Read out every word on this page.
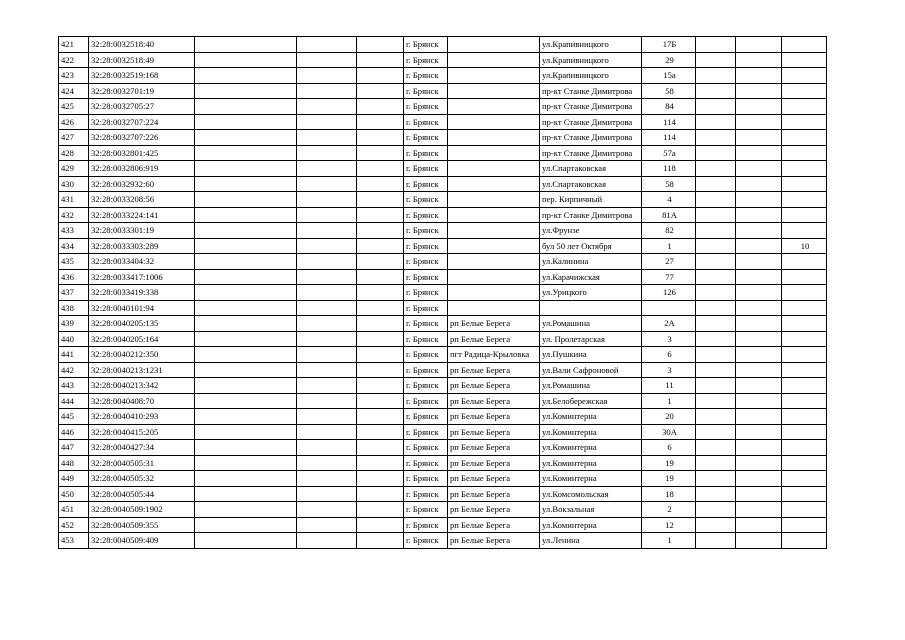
421	32:28:0032518:40				г. Брянск		ул.Крапивницкого	17Б			
422	32:28:0032518:49				г. Брянск		ул.Крапивницкого	29			
423	32:28:0032519:168				г. Брянск		ул.Крапивницкого	15а			
424	32:28:0032701:19				г. Брянск		пр-кт Станке Димитрова	58			
425	32:28:0032705:27				г. Брянск		пр-кт Станке Димитрова	84			
426	32:28:0032707:224				г. Брянск		пр-кт Станке Димитрова	114			
427	32:28:0032707:226				г. Брянск		пр-кт Станке Димитрова	114			
428	32:28:0032801:425				г. Брянск		пр-кт Станке Димитрова	57а			
429	32:28:0032806:919				г. Брянск		ул.Спартаковская	118			
430	32:28:0032932:60				г. Брянск		ул.Спартаковская	58			
431	32:28:0033208:56				г. Брянск		пер. Кирпичный	4			
432	32:28:0033224:141				г. Брянск		пр-кт Станке Димитрова	81А			
433	32:28:0033301:19				г. Брянск		ул.Фрунзе	82			
434	32:28:0033303:289				г. Брянск		бул 50 лет Октября	1			10
435	32:28:0033404:32				г. Брянск		ул.Калинина	27			
436	32:28:0033417:1006				г. Брянск		ул.Карачижская	77			
437	32:28:0033419:338				г. Брянск		ул.Урицкого	126			
438	32:28:0040101:94				г. Брянск						
439	32:28:0040205:135				г. Брянск	рп Белые Берега	ул.Ромашина	2А			
440	32:28:0040205:164				г. Брянск	рп Белые Берега	ул. Пролетарская	3			
441	32:28:0040212:350				г. Брянск	пгт Радица-Крыловка	ул.Пушкина	6			
442	32:28:0040213:1231				г. Брянск	рп Белые Берега	ул.Вали Сафроновой	3			
443	32:28:0040213:342				г. Брянск	рп Белые Берега	ул.Ромашина	11			
444	32:28:0040408:70				г. Брянск	рп Белые Берега	ул.Белобережская	1			
445	32:28:0040410:293				г. Брянск	рп Белые Берега	ул.Коминтерна	20			
446	32:28:0040415:205				г. Брянск	рп Белые Берега	ул.Коминтерна	30А			
447	32:28:0040427:34				г. Брянск	рп Белые Берега	ул.Коминтерна	6			
448	32:28:0040505:31				г. Брянск	рп Белые Берега	ул.Коминтерна	19			
449	32:28:0040505:32				г. Брянск	рп Белые Берега	ул.Коминтерна	19			
450	32:28:0040505:44				г. Брянск	рп Белые Берега	ул.Комсомольская	18			
451	32:28:0040509:1902				г. Брянск	рп Белые Берега	ул.Вокзальная	2			
452	32:28:0040509:355				г. Брянск	рп Белые Берега	ул.Коминтерна	12			
453	32:28:0040509:409				г. Брянск	рп Белые Берега	ул.Ленина	1			
